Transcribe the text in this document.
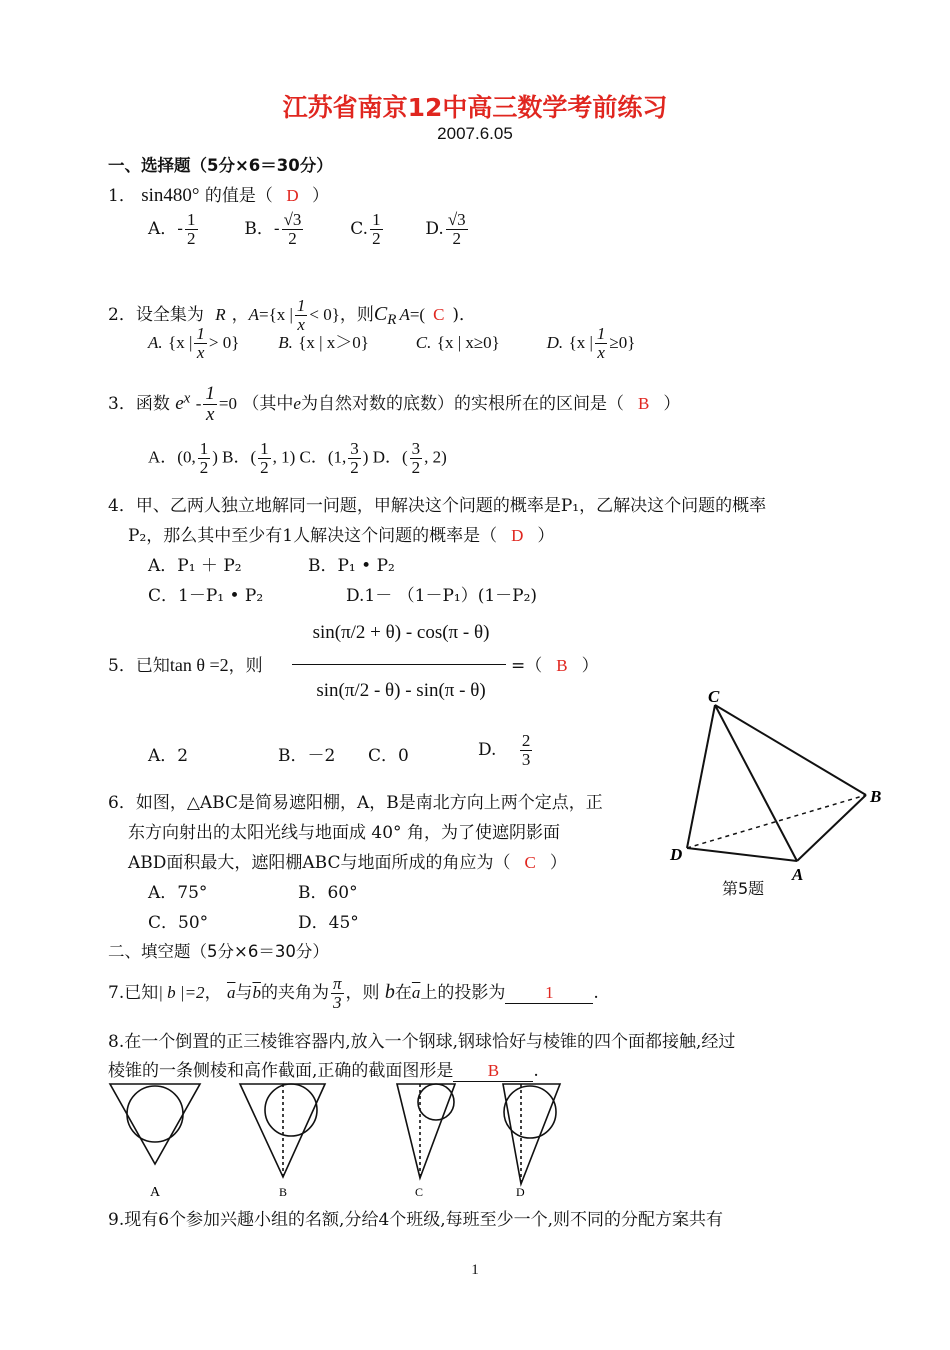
江苏省南京12中高三数学考前练习
2007.6.05
一、选择题（5分×6＝30分）
1． sin480° 的值是（ D ）
A．- $\frac{1}{2}$	B．- $\frac{√3}{2}$	C. $\frac{1}{2}$	D. $\frac{√3}{2}$
2．设全集为 R ，A={x | $\frac{1}{x} < 0$}，则$C_R$ A=( C )．
A. {x | $\frac{1}{x} > 0$} B. {x | x＞0}	C. {x | x≥0}	D. {x | $\frac{1}{x} \ge 0$}
3．函数 $e^x - \frac{1}{x} =0$ （其中e为自然对数的底数）的实根所在的区间是（ B ）
A．(0, $\frac{1}{2}$ ) B．( $\frac{1}{2}$ , 1) C．(1, $\frac{3}{2}$ ) D．( $\frac{3}{2}$ , 2)
4．甲、乙两人独立地解同一问题，甲解决这个问题的概率是P₁，乙解决这个问题的概率
P₂，那么其中至少有1人解决这个问题的概率是（ D ）
A．P₁ ＋ P₂	B．P₁ • P₂
C．1－P₁ • P₂	D.1－ （1－P₁）(1－P₂)
5．已知tan θ =2，则
sin(π/2 + θ) - cos(π - θ)
sin(π/2 - θ) - sin(π - θ)
=（ B ）
A．2	B．－2 C．0	D. $\frac{2}{3}$
6．如图，△ABC是简易遮阳棚，A，B是南北方向上两个定点，正
东方向射出的太阳光线与地面成 40° 角，为了使遮阴影面
ABD面积最大，遮阳棚ABC与地面所成的角应为（ C ）
A．75°	B．60°
C．50°	D．45°
C
B
D
A
第5题
二、填空题（5分×6＝30分）
7.已知| b |=2， $\overline{a}$与$\overline{b}$的夹角为 $\frac{\pi}{3}$ ，则 b在$\overline{a}$上的投影为 1 .
8.在一个倒置的正三棱锥容器内,放入一个钢球,钢球恰好与棱锥的四个面都接触,经过
棱锥的一条侧棱和高作截面,正确的截面图形是 B .
A	B	C	D
9.现有6个参加兴趣小组的名额,分给4个班级,每班至少一个,则不同的分配方案共有
1
